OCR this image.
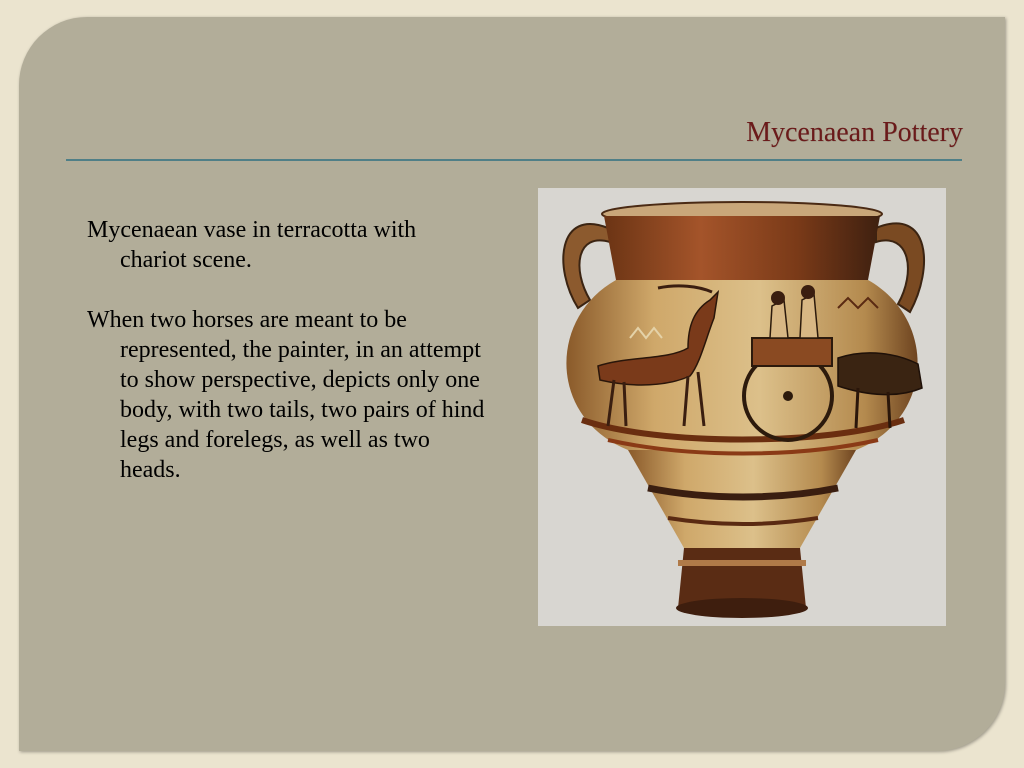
Mycenaean Pottery

Mycenaean vase in terracotta with chariot scene.

When two horses are meant to be represented, the painter, in an attempt to show perspective, depicts only one body, with two tails, two pairs of hind legs and forelegs, as well as two heads.
